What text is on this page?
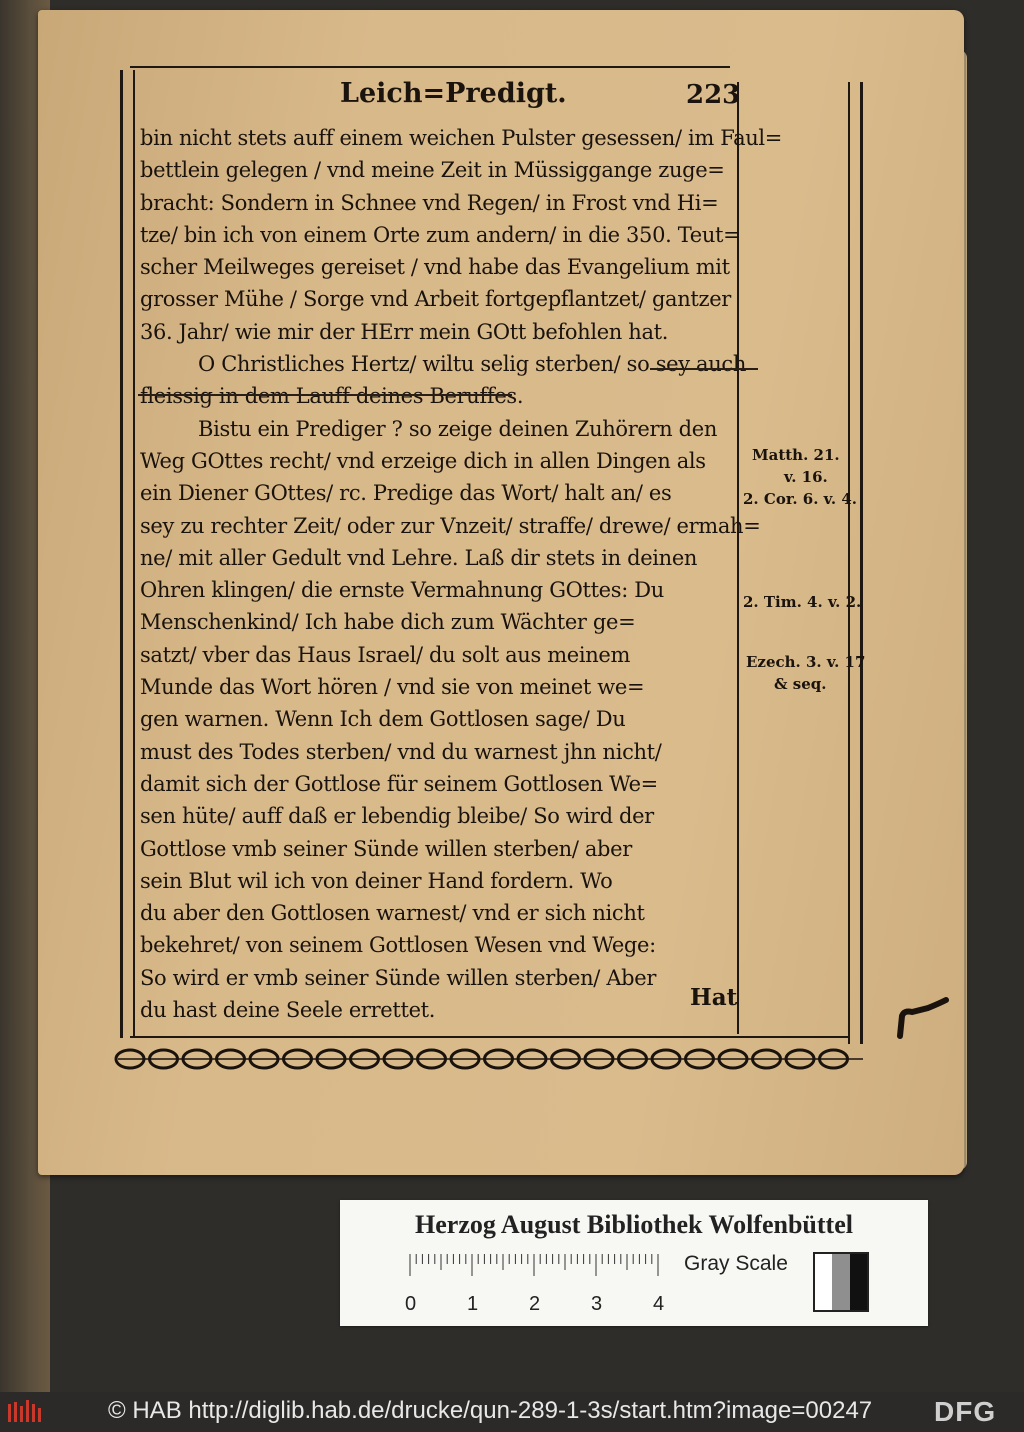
Leich=Predigt.	223
bin nicht stets auff einem weichen Pulster gesessen/ im Faul=
bettlein gelegen / vnd meine Zeit in Müssiggange zuge=
bracht: Sondern in Schnee vnd Regen/ in Frost vnd Hi=
tze/ bin ich von einem Orte zum andern/ in die 350. Teut=
scher Meilweges gereiset / vnd habe das Evangelium mit
grosser Mühe / Sorge vnd Arbeit fortgepflantzet/ gantzer
36. Jahr/ wie mir der HErr mein GOtt befohlen hat.
O Christliches Hertz/ wiltu selig sterben/ so sey auch
fleissig in dem Lauff deines Beruffes.
Bistu ein Prediger ? so zeige deinen Zuhörern den
Weg GOttes recht/ vnd erzeige dich in allen Dingen als
ein Diener GOttes/ rc. Predige das Wort/ halt an/ es
sey zu rechter Zeit/ oder zur Vnzeit/ straffe/ drewe/ ermah=
ne/ mit aller Gedult vnd Lehre. Laß dir stets in deinen
Ohren klingen/ die ernste Vermahnung GOttes: Du
Menschenkind/ Ich habe dich zum Wächter ge=
satzt/ vber das Haus Israel/ du solt aus meinem
Munde das Wort hören / vnd sie von meinet we=
gen warnen. Wenn Ich dem Gottlosen sage/ Du
must des Todes sterben/ vnd du warnest jhn nicht/
damit sich der Gottlose für seinem Gottlosen We=
sen hüte/ auff daß er lebendig bleibe/ So wird der
Gottlose vmb seiner Sünde willen sterben/ aber
sein Blut wil ich von deiner Hand fordern. Wo
du aber den Gottlosen warnest/ vnd er sich nicht
bekehret/ von seinem Gottlosen Wesen vnd Wege:
So wird er vmb seiner Sünde willen sterben/ Aber
du hast deine Seele errettet.	Hat
Matth. 21.
v. 16.
2. Cor. 6. v. 4.
2. Tim. 4. v. 2.
Ezech. 3. v. 17
& seq.
Herzog August Bibliothek Wolfenbüttel
0	1	2	3	4
Gray Scale
© HAB http://diglib.hab.de/drucke/qun-289-1-3s/start.htm?image=00247 DFG
